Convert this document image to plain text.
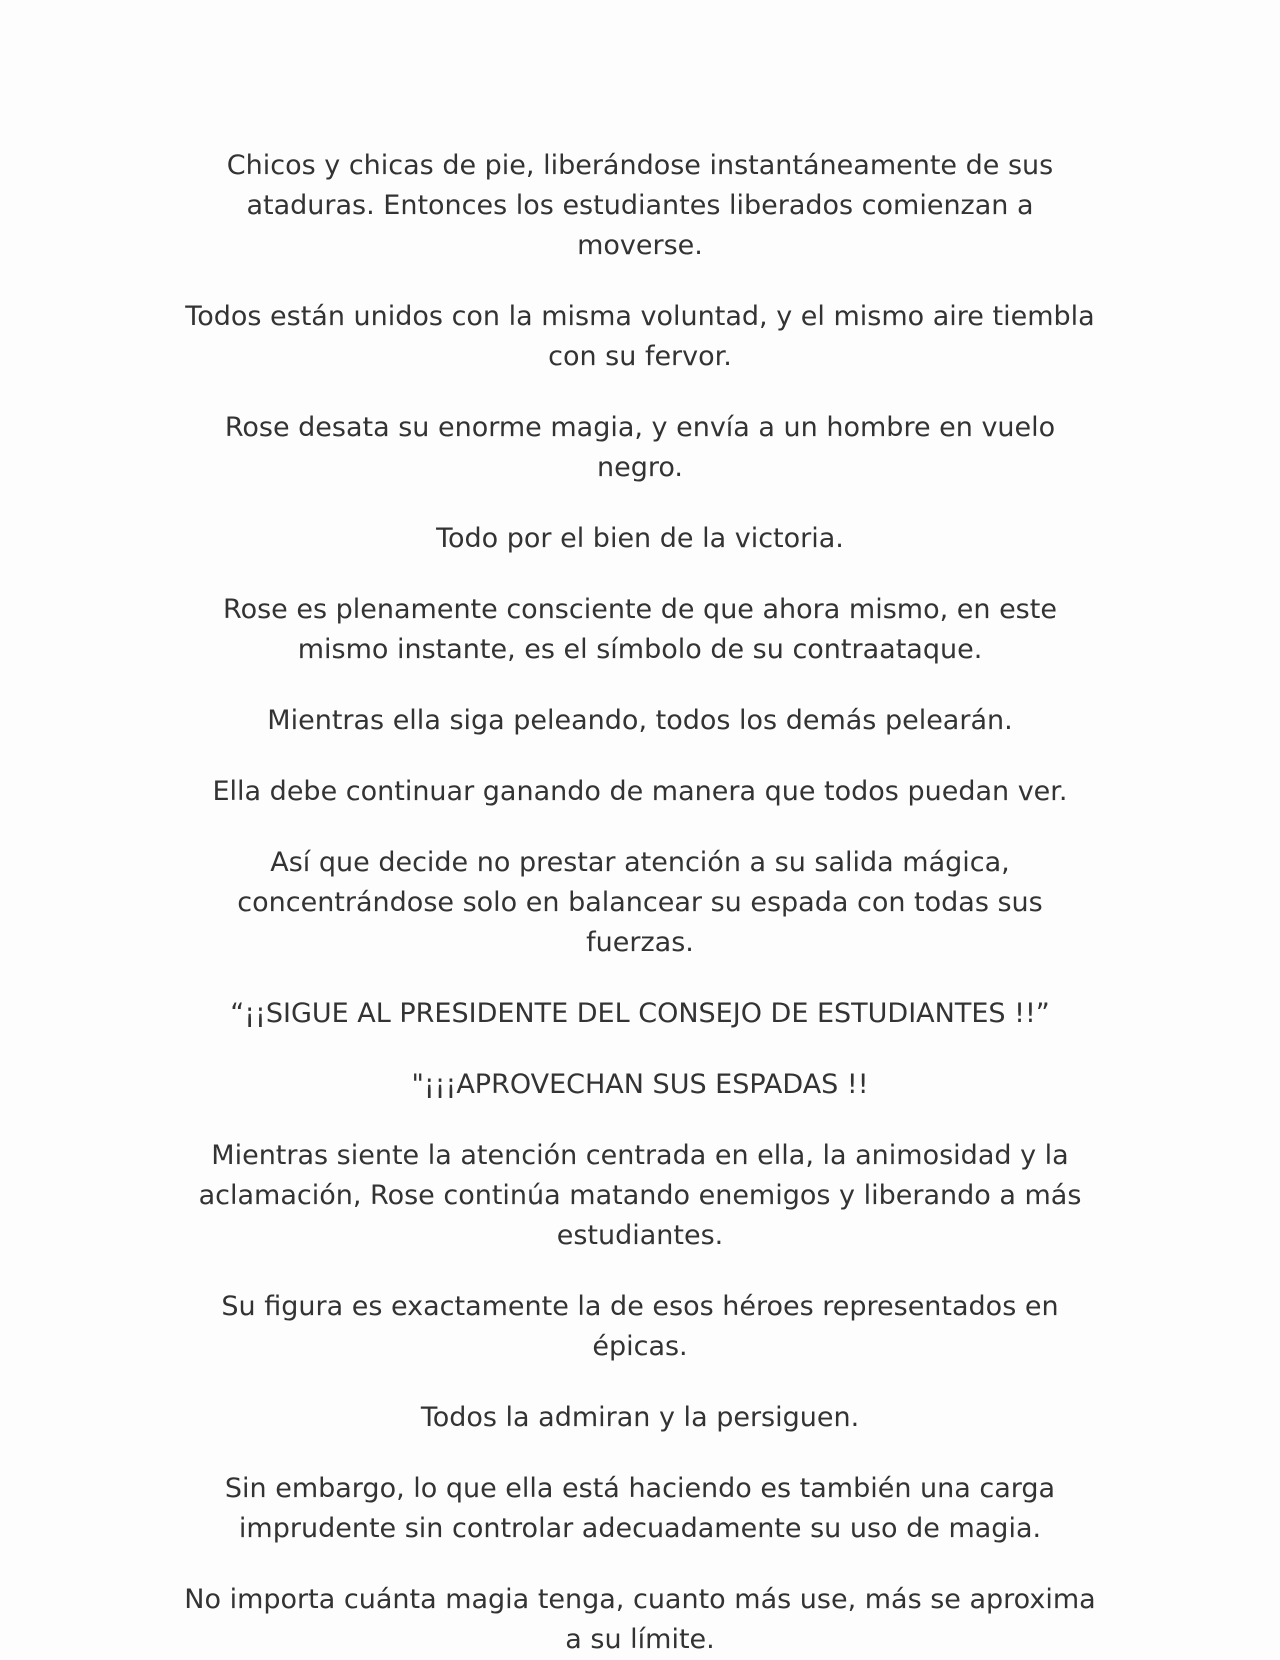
Chicos y chicas de pie, liberándose instantáneamente de sus ataduras. Entonces los estudiantes liberados comienzan a moverse.

Todos están unidos con la misma voluntad, y el mismo aire tiembla con su fervor.

Rose desata su enorme magia, y envía a un hombre en vuelo negro.

Todo por el bien de la victoria.

Rose es plenamente consciente de que ahora mismo, en este mismo instante, es el símbolo de su contraataque.

Mientras ella siga peleando, todos los demás pelearán.

Ella debe continuar ganando de manera que todos puedan ver.

Así que decide no prestar atención a su salida mágica, concentrándose solo en balancear su espada con todas sus fuerzas.

“¡¡SIGUE AL PRESIDENTE DEL CONSEJO DE ESTUDIANTES !!”

"¡¡¡APROVECHAN SUS ESPADAS !!

Mientras siente la atención centrada en ella, la animosidad y la aclamación, Rose continúa matando enemigos y liberando a más estudiantes.

Su figura es exactamente la de esos héroes representados en épicas.

Todos la admiran y la persiguen.

Sin embargo, lo que ella está haciendo es también una carga imprudente sin controlar adecuadamente su uso de magia.

No importa cuánta magia tenga, cuanto más use, más se aproxima a su límite.
